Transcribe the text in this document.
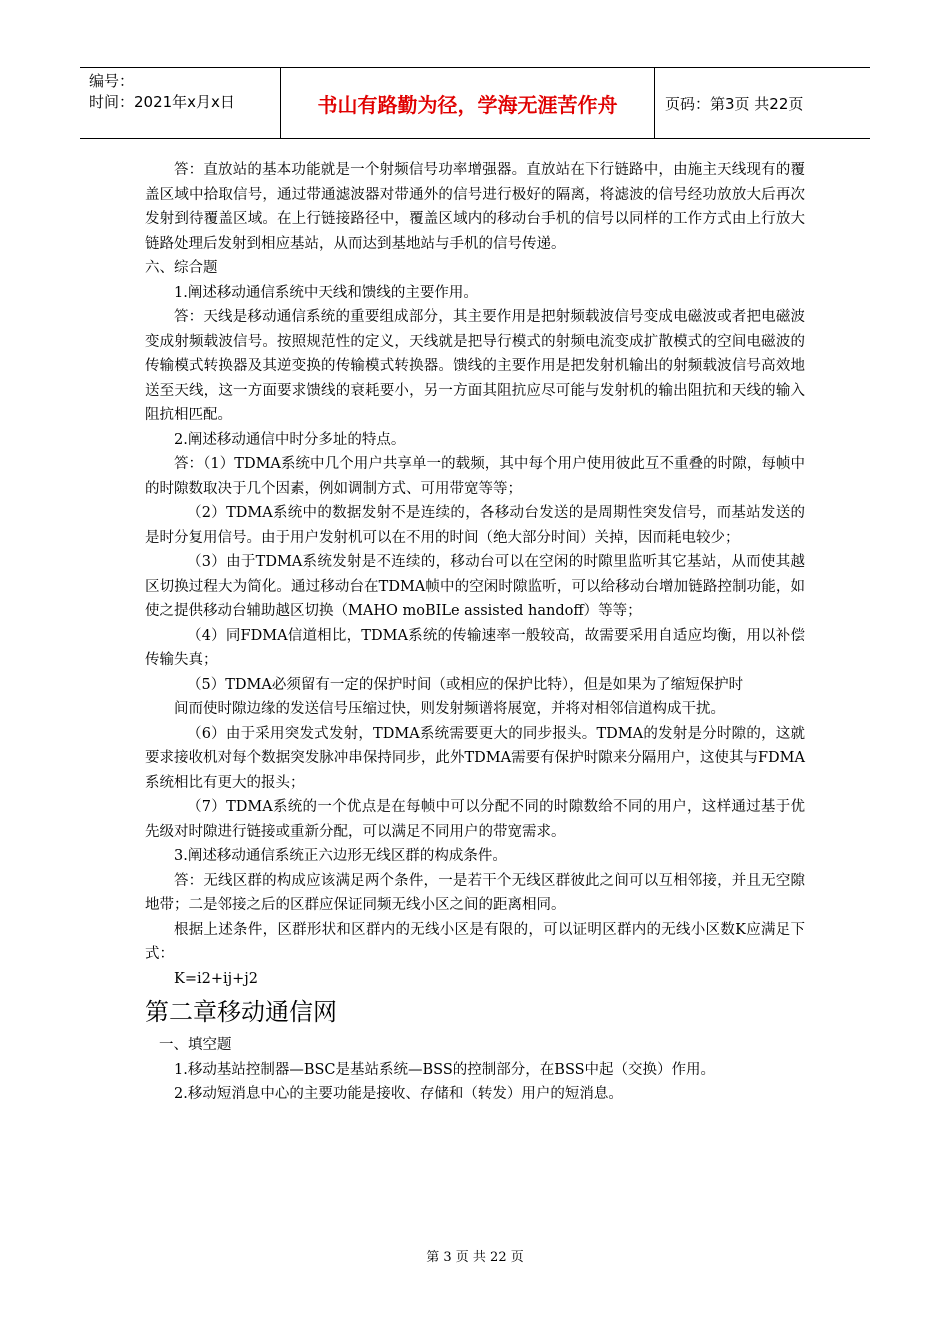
编号：
时间：2021年x月x日	书山有路勤为径，学海无涯苦作舟	页码：第3页 共22页

答：直放站的基本功能就是一个射频信号功率增强器。直放站在下行链路中，由施主天线现有的覆盖区域中拾取信号，通过带通滤波器对带通外的信号进行极好的隔离，将滤波的信号经功放放大后再次发射到待覆盖区域。在上行链接路径中，覆盖区域内的移动台手机的信号以同样的工作方式由上行放大链路处理后发射到相应基站，从而达到基地站与手机的信号传递。

六、综合题

1.阐述移动通信系统中天线和馈线的主要作用。

答：天线是移动通信系统的重要组成部分，其主要作用是把射频载波信号变成电磁波或者把电磁波变成射频载波信号。按照规范性的定义，天线就是把导行模式的射频电流变成扩散模式的空间电磁波的传输模式转换器及其逆变换的传输模式转换器。馈线的主要作用是把发射机输出的射频载波信号高效地送至天线，这一方面要求馈线的衰耗要小，另一方面其阻抗应尽可能与发射机的输出阻抗和天线的输入阻抗相匹配。

2.阐述移动通信中时分多址的特点。

答：（1）TDMA系统中几个用户共享单一的载频，其中每个用户使用彼此互不重叠的时隙，每帧中的时隙数取决于几个因素，例如调制方式、可用带宽等等；

（2）TDMA系统中的数据发射不是连续的，各移动台发送的是周期性突发信号，而基站发送的是时分复用信号。由于用户发射机可以在不用的时间（绝大部分时间）关掉，因而耗电较少；

（3）由于TDMA系统发射是不连续的，移动台可以在空闲的时隙里监听其它基站，从而使其越区切换过程大为简化。通过移动台在TDMA帧中的空闲时隙监听，可以给移动台增加链路控制功能，如使之提供移动台辅助越区切换（MAHO moBILe assisted handoff）等等；

（4）同FDMA信道相比，TDMA系统的传输速率一般较高，故需要采用自适应均衡，用以补偿传输失真；

（5）TDMA必须留有一定的保护时间（或相应的保护比特），但是如果为了缩短保护时

间而使时隙边缘的发送信号压缩过快，则发射频谱将展宽，并将对相邻信道构成干扰。

（6）由于采用突发式发射，TDMA系统需要更大的同步报头。TDMA的发射是分时隙的，这就要求接收机对每个数据突发脉冲串保持同步，此外TDMA需要有保护时隙来分隔用户，这使其与FDMA系统相比有更大的报头；

（7）TDMA系统的一个优点是在每帧中可以分配不同的时隙数给不同的用户，这样通过基于优先级对时隙进行链接或重新分配，可以满足不同用户的带宽需求。

3.阐述移动通信系统正六边形无线区群的构成条件。

答：无线区群的构成应该满足两个条件，一是若干个无线区群彼此之间可以互相邻接，并且无空隙地带；二是邻接之后的区群应保证同频无线小区之间的距离相同。

根据上述条件，区群形状和区群内的无线小区是有限的，可以证明区群内的无线小区数K应满足下式：

K=i2+ij+j2

第二章移动通信网

一、填空题

1.移动基站控制器—BSC是基站系统—BSS的控制部分，在BSS中起（交换）作用。

2.移动短消息中心的主要功能是接收、存储和（转发）用户的短消息。

第 3 页 共 22 页
